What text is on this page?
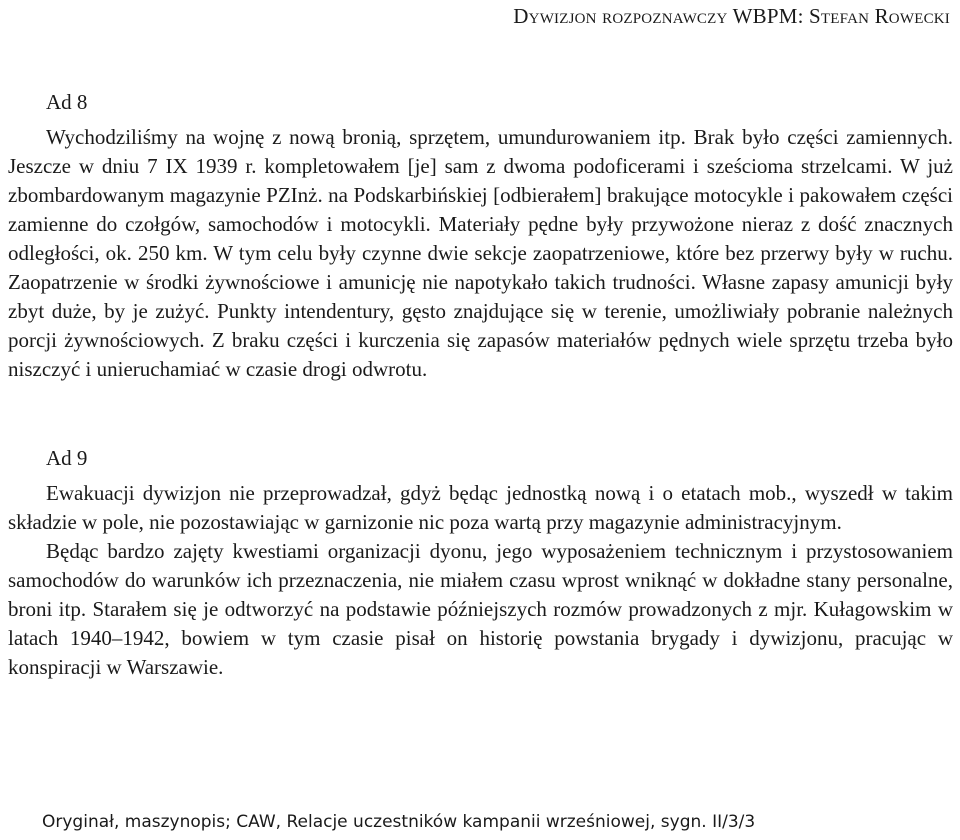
Dywizjon rozpoznawczy WBPM: Stefan Rowecki
Ad 8

Wychodziliśmy na wojnę z nową bronią, sprzętem, umundurowaniem itp. Brak było części zamiennych. Jeszcze w dniu 7 IX 1939 r. kompletowałem [je] sam z dwoma podoficerami i sześcioma strzelcami. W już zbombardowanym magazynie PZInż. na Podskarbińskiej [odbierałem] brakujące motocykle i pakowałem części zamienne do czołgów, samochodów i motocykli. Materiały pędne były przywożone nieraz z dość znacznych odległości, ok. 250 km. W tym celu były czynne dwie sekcje zaopatrzeniowe, które bez przerwy były w ruchu. Zaopatrzenie w środki żywnościowe i amunicję nie napotykało takich trudności. Własne zapasy amunicji były zbyt duże, by je zużyć. Punkty intendentury, gęsto znajdujące się w terenie, umożliwiały pobranie należnych porcji żywnościowych. Z braku części i kurczenia się zapasów materiałów pędnych wiele sprzętu trzeba było niszczyć i unieruchamiać w czasie drogi odwrotu.

Ad 9

Ewakuacji dywizjon nie przeprowadzał, gdyż będąc jednostką nową i o etatach mob., wyszedł w takim składzie w pole, nie pozostawiając w garnizonie nic poza wartą przy magazynie administracyjnym.

Będąc bardzo zajęty kwestiami organizacji dyonu, jego wyposażeniem technicznym i przystosowaniem samochodów do warunków ich przeznaczenia, nie miałem czasu wprost wniknąć w dokładne stany personalne, broni itp. Starałem się je odtworzyć na podstawie późniejszych rozmów prowadzonych z mjr. Kułagowskim w latach 1940–1942, bowiem w tym czasie pisał on historię powstania brygady i dywizjonu, pracując w konspiracji w Warszawie.

Oryginał, maszynopis; CAW, Relacje uczestników kampanii wrześniowej, sygn. II/3/3
